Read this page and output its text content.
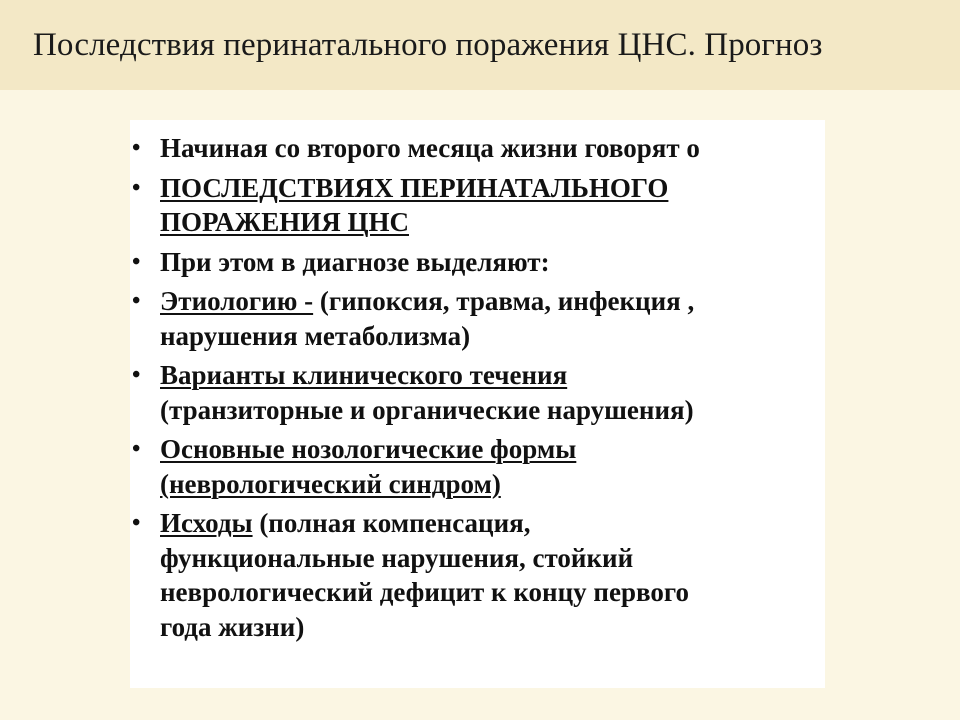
Последствия перинатального поражения ЦНС. Прогноз
• Начиная со второго месяца жизни говорят о
• ПОСЛЕДСТВИЯХ ПЕРИНАТАЛЬНОГО
ПОРАЖЕНИЯ ЦНС
• При этом в диагнозе выделяют:
• Этиологию - (гипоксия, травма, инфекция ,
нарушения метаболизма)
• Варианты клинического течения
(транзиторные и органические нарушения)
• Основные нозологические формы
(неврологический синдром)
• Исходы (полная компенсация,
функциональные нарушения, стойкий
неврологический дефицит к концу первого
года жизни)
